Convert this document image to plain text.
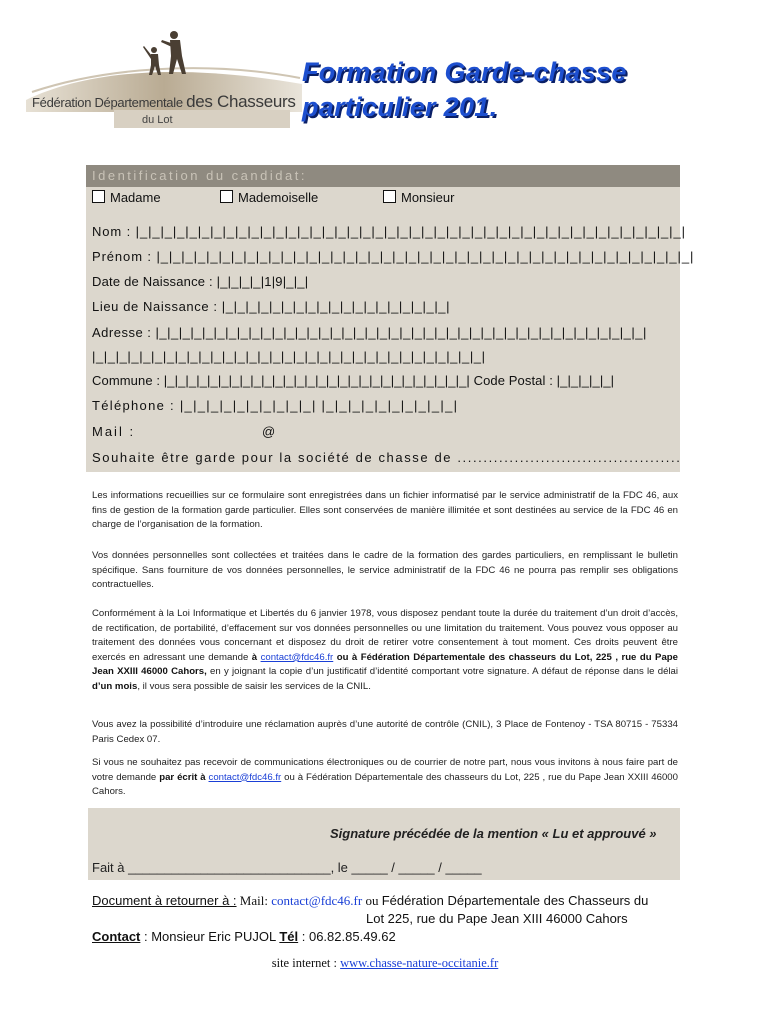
Fédération Départementale des Chasseurs
du Lot
Formation Garde-chasse
particulier 201.
Identification du candidat:
Madame	Mademoiselle	Monsieur
Nom : |_|_|_|_|_|_|_|_|_|_|_|_|_|_|_|_|_|_|_|_|_|_|_|_|_|_|_|_|_|_|_|_|_|_|_|_|_|_|_|_|_|_|_|_|
Prénom : |_|_|_|_|_|_|_|_|_|_|_|_|_|_|_|_|_|_|_|_|_|_|_|_|_|_|_|_|_|_|_|_|_|_|_|_|_|_|_|_|_|_|_|
Date de Naissance : |_|_|_|_|1|9|_|_|
Lieu de Naissance : |_|_|_|_|_|_|_|_|_|_|_|_|_|_|_|_|_|_|_|
Adresse : |_|_|_|_|_|_|_|_|_|_|_|_|_|_|_|_|_|_|_|_|_|_|_|_|_|_|_|_|_|_|_|_|_|_|_|_|_|_|_|_|_|_|
|_|_|_|_|_|_|_|_|_|_|_|_|_|_|_|_|_|_|_|_|_|_|_|_|_|_|_|_|_|_|_|_|_|
Commune : |_|_|_|_|_|_|_|_|_|_|_|_|_|_|_|_|_|_|_|_|_|_|_|_|_|_|_|_| Code Postal : |_|_|_|_|_|
Téléphone : |_|_|_|_|_|_|_|_|_|_| |_|_|_|_|_|_|_|_|_|_|
Mail :	@
Souhaite être garde pour la société de chasse de ...........................................
Les informations recueillies sur ce formulaire sont enregistrées dans un fichier informatisé par le service administratif de la FDC 46, aux fins de gestion de la formation garde particulier. Elles sont conservées de manière illimitée et sont destinées au service de la FDC 46 en charge de l’organisation de la formation.
Vos données personnelles sont collectées et traitées dans le cadre de la formation des gardes particuliers, en remplissant le bulletin spécifique. Sans fourniture de vos données personnelles, le service administratif de la FDC 46 ne pourra pas remplir ses obligations contractuelles.
Conformément à la Loi Informatique et Libertés du 6 janvier 1978, vous disposez pendant toute la durée du traitement d’un droit d’accès, de rectification, de portabilité, d’effacement sur vos données personnelles ou une limitation du traitement. Vous pouvez vous opposer au traitement des données vous concernant et disposez du droit de retirer votre consentement à tout moment. Ces droits peuvent être exercés en adressant une demande à contact@fdc46.fr ou à Fédération Départementale des chasseurs du Lot, 225 , rue du Pape Jean XXIII 46000 Cahors, en y joignant la copie d’un justificatif d’identité comportant votre signature. A défaut de réponse dans le délai d’un mois, il vous sera possible de saisir les services de la CNIL.
Vous avez la possibilité d’introduire une réclamation auprès d’une autorité de contrôle (CNIL), 3 Place de Fontenoy - TSA 80715 - 75334 Paris Cedex 07.
Si vous ne souhaitez pas recevoir de communications électroniques ou de courrier de notre part, nous vous invitons à nous faire part de votre demande par écrit à contact@fdc46.fr ou à Fédération Départementale des chasseurs du Lot, 225 , rue du Pape Jean XXIII 46000 Cahors.
Signature précédée de la mention « Lu et approuvé »
Fait à ____________________________, le _____ / _____ / _____
Document à retourner à : Mail: contact@fdc46.fr ou Fédération Départementale des Chasseurs du
Lot 225, rue du Pape Jean XIII 46000 Cahors
Contact : Monsieur Eric PUJOL Tél : 06.82.85.49.62
site internet : www.chasse-nature-occitanie.fr
